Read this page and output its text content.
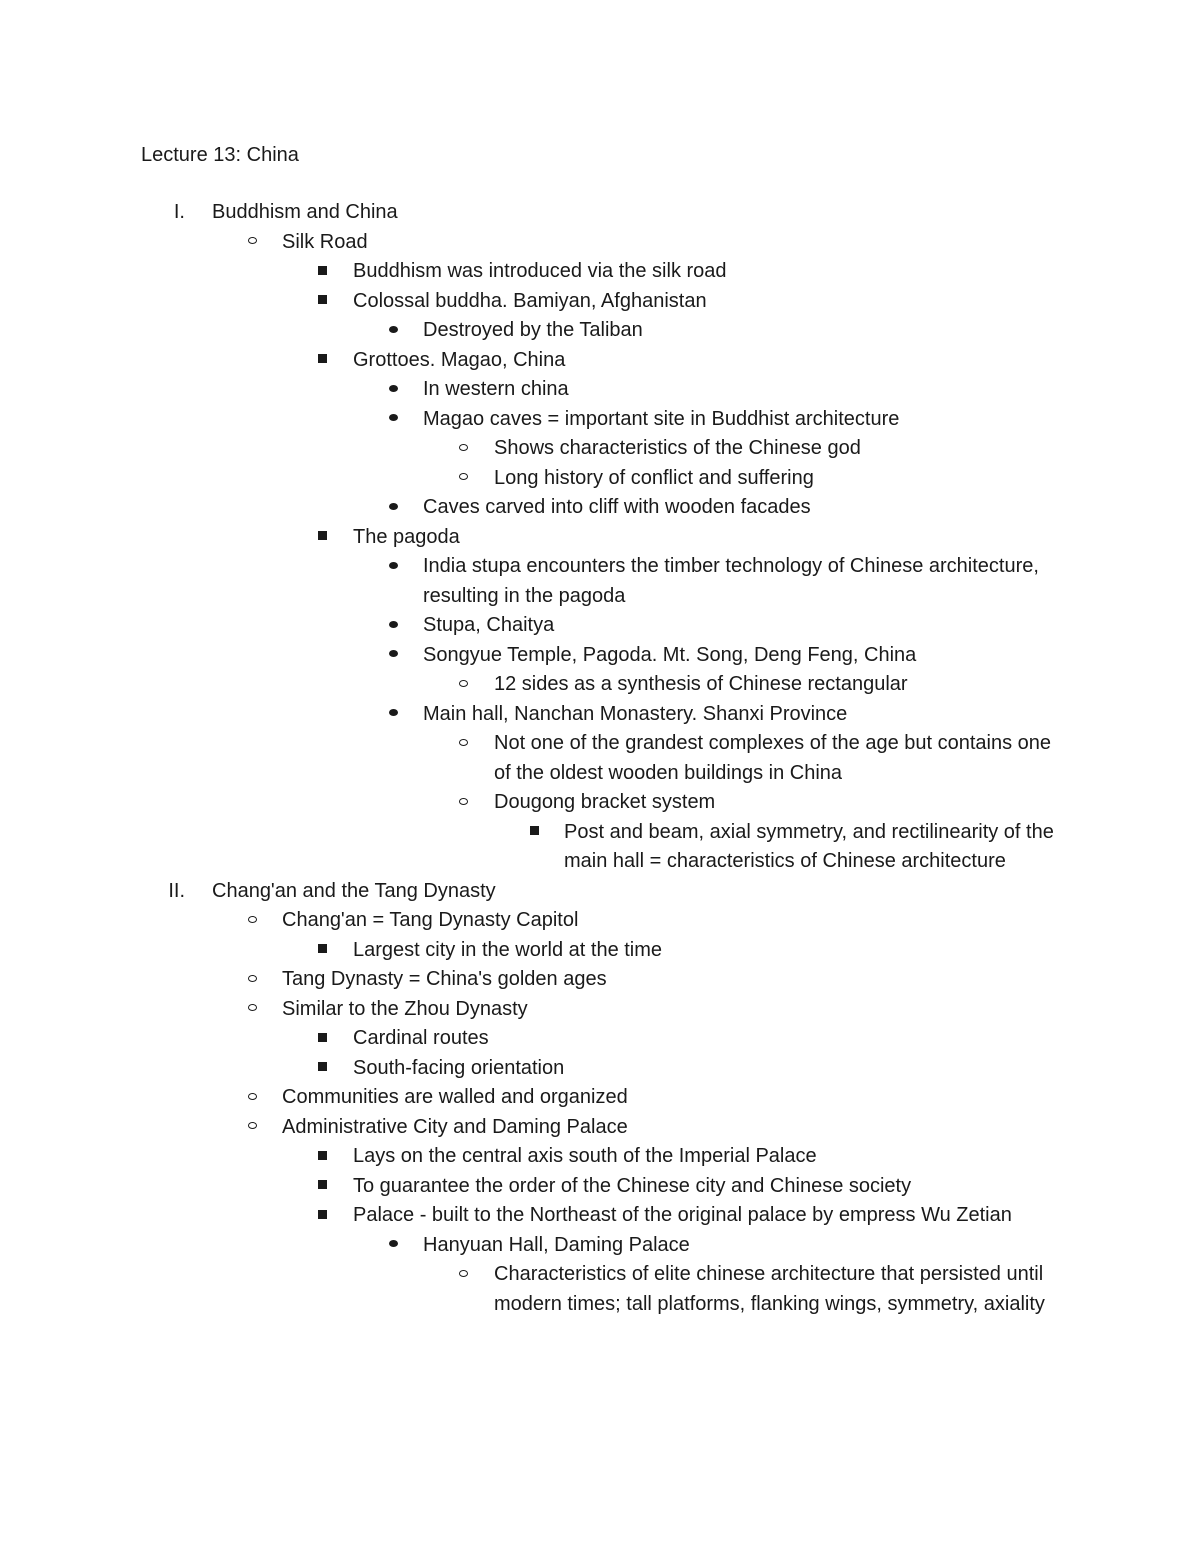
Lecture 13: China
I. Buddhism and China
Silk Road
Buddhism was introduced via the silk road
Colossal buddha. Bamiyan, Afghanistan
Destroyed by the Taliban
Grottoes. Magao, China
In western china
Magao caves = important site in Buddhist architecture
Shows characteristics of the Chinese god
Long history of conflict and suffering
Caves carved into cliff with wooden facades
The pagoda
India stupa encounters the timber technology of Chinese architecture, resulting in the pagoda
Stupa, Chaitya
Songyue Temple, Pagoda. Mt. Song, Deng Feng, China
12 sides as a synthesis of Chinese rectangular
Main hall, Nanchan Monastery. Shanxi Province
Not one of the grandest complexes of the age but contains one of the oldest wooden buildings in China
Dougong bracket system
Post and beam, axial symmetry, and rectilinearity of the main hall = characteristics of Chinese architecture
II. Chang'an and the Tang Dynasty
Chang'an = Tang Dynasty Capitol
Largest city in the world at the time
Tang Dynasty = China's golden ages
Similar to the Zhou Dynasty
Cardinal routes
South-facing orientation
Communities are walled and organized
Administrative City and Daming Palace
Lays on the central axis south of the Imperial Palace
To guarantee the order of the Chinese city and Chinese society
Palace - built to the Northeast of the original palace by empress Wu Zetian
Hanyuan Hall, Daming Palace
Characteristics of elite chinese architecture that persisted until modern times; tall platforms, flanking wings, symmetry, axiality
